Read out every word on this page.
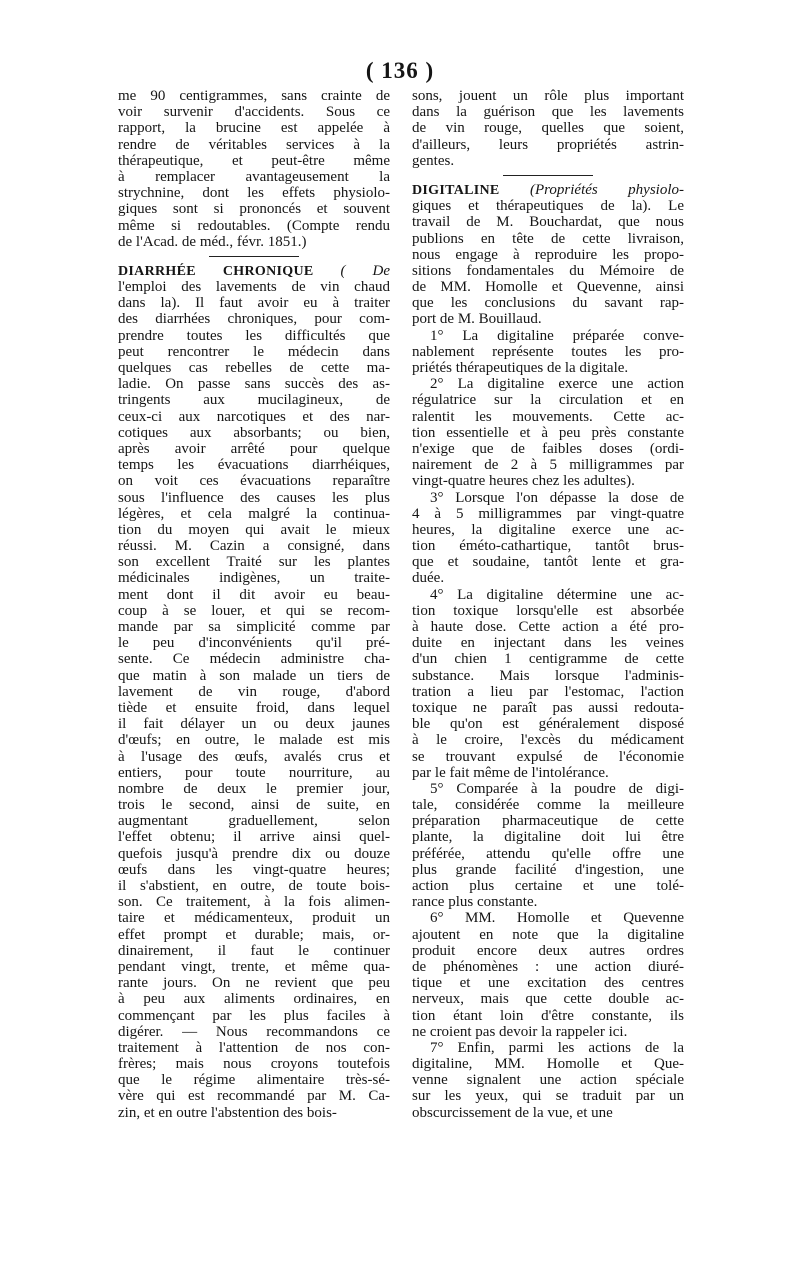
( 136 )
me 90 centigrammes, sans crainte de
voir survenir d'accidents. Sous ce
rapport, la brucine est appelée à
rendre de véritables services à la
thérapeutique, et peut-être même
à remplacer avantageusement la
strychnine, dont les effets physiolo-
giques sont si prononcés et souvent
même si redoutables. (Compte rendu
de l'Acad. de méd., févr. 1851.)
DIARRHÉE CHRONIQUE ( De
l'emploi des lavements de vin chaud
dans la). Il faut avoir eu à traiter
des diarrhées chroniques, pour com-
prendre toutes les difficultés que
peut rencontrer le médecin dans
quelques cas rebelles de cette ma-
ladie. On passe sans succès des as-
tringents aux mucilagineux, de
ceux-ci aux narcotiques et des nar-
cotiques aux absorbants; ou bien,
après avoir arrêté pour quelque
temps les évacuations diarrhéiques,
on voit ces évacuations reparaître
sous l'influence des causes les plus
légères, et cela malgré la continua-
tion du moyen qui avait le mieux
réussi. M. Cazin a consigné, dans
son excellent Traité sur les plantes
médicinales indigènes, un traite-
ment dont il dit avoir eu beau-
coup à se louer, et qui se recom-
mande par sa simplicité comme par
le peu d'inconvénients qu'il pré-
sente. Ce médecin administre cha-
que matin à son malade un tiers de
lavement de vin rouge, d'abord
tiède et ensuite froid, dans lequel
il fait délayer un ou deux jaunes
d'œufs; en outre, le malade est mis
à l'usage des œufs, avalés crus et
entiers, pour toute nourriture, au
nombre de deux le premier jour,
trois le second, ainsi de suite, en
augmentant graduellement, selon
l'effet obtenu; il arrive ainsi quel-
quefois jusqu'à prendre dix ou douze
œufs dans les vingt-quatre heures;
il s'abstient, en outre, de toute bois-
son. Ce traitement, à la fois alimen-
taire et médicamenteux, produit un
effet prompt et durable; mais, or-
dinairement, il faut le continuer
pendant vingt, trente, et même qua-
rante jours. On ne revient que peu
à peu aux aliments ordinaires, en
commençant par les plus faciles à
digérer. — Nous recommandons ce
traitement à l'attention de nos con-
frères; mais nous croyons toutefois
que le régime alimentaire très-sé-
vère qui est recommandé par M. Ca-
zin, et en outre l'abstention des bois-
sons, jouent un rôle plus important
dans la guérison que les lavements
de vin rouge, quelles que soient,
d'ailleurs, leurs propriétés astrin-
gentes.
DIGITALINE (Propriétés physiolo-
giques et thérapeutiques de la). Le
travail de M. Bouchardat, que nous
publions en tête de cette livraison,
nous engage à reproduire les propo-
sitions fondamentales du Mémoire de
de MM. Homolle et Quevenne, ainsi
que les conclusions du savant rap-
port de M. Bouillaud.
1° La digitaline préparée conve-
nablement représente toutes les pro-
priétés thérapeutiques de la digitale.
2° La digitaline exerce une action
régulatrice sur la circulation et en
ralentit les mouvements. Cette ac-
tion essentielle et à peu près constante
n'exige que de faibles doses (ordi-
nairement de 2 à 5 milligrammes par
vingt-quatre heures chez les adultes).
3° Lorsque l'on dépasse la dose de
4 à 5 milligrammes par vingt-quatre
heures, la digitaline exerce une ac-
tion éméto-cathartique, tantôt brus-
que et soudaine, tantôt lente et gra-
duée.
4° La digitaline détermine une ac-
tion toxique lorsqu'elle est absorbée
à haute dose. Cette action a été pro-
duite en injectant dans les veines
d'un chien 1 centigramme de cette
substance. Mais lorsque l'adminis-
tration a lieu par l'estomac, l'action
toxique ne paraît pas aussi redouta-
ble qu'on est généralement disposé
à le croire, l'excès du médicament
se trouvant expulsé de l'économie
par le fait même de l'intolérance.
5° Comparée à la poudre de digi-
tale, considérée comme la meilleure
préparation pharmaceutique de cette
plante, la digitaline doit lui être
préférée, attendu qu'elle offre une
plus grande facilité d'ingestion, une
action plus certaine et une tolé-
rance plus constante.
6° MM. Homolle et Quevenne
ajoutent en note que la digitaline
produit encore deux autres ordres
de phénomènes : une action diuré-
tique et une excitation des centres
nerveux, mais que cette double ac-
tion étant loin d'être constante, ils
ne croient pas devoir la rappeler ici.
7° Enfin, parmi les actions de la
digitaline, MM. Homolle et Que-
venne signalent une action spéciale
sur les yeux, qui se traduit par un
obscurcissement de la vue, et une
